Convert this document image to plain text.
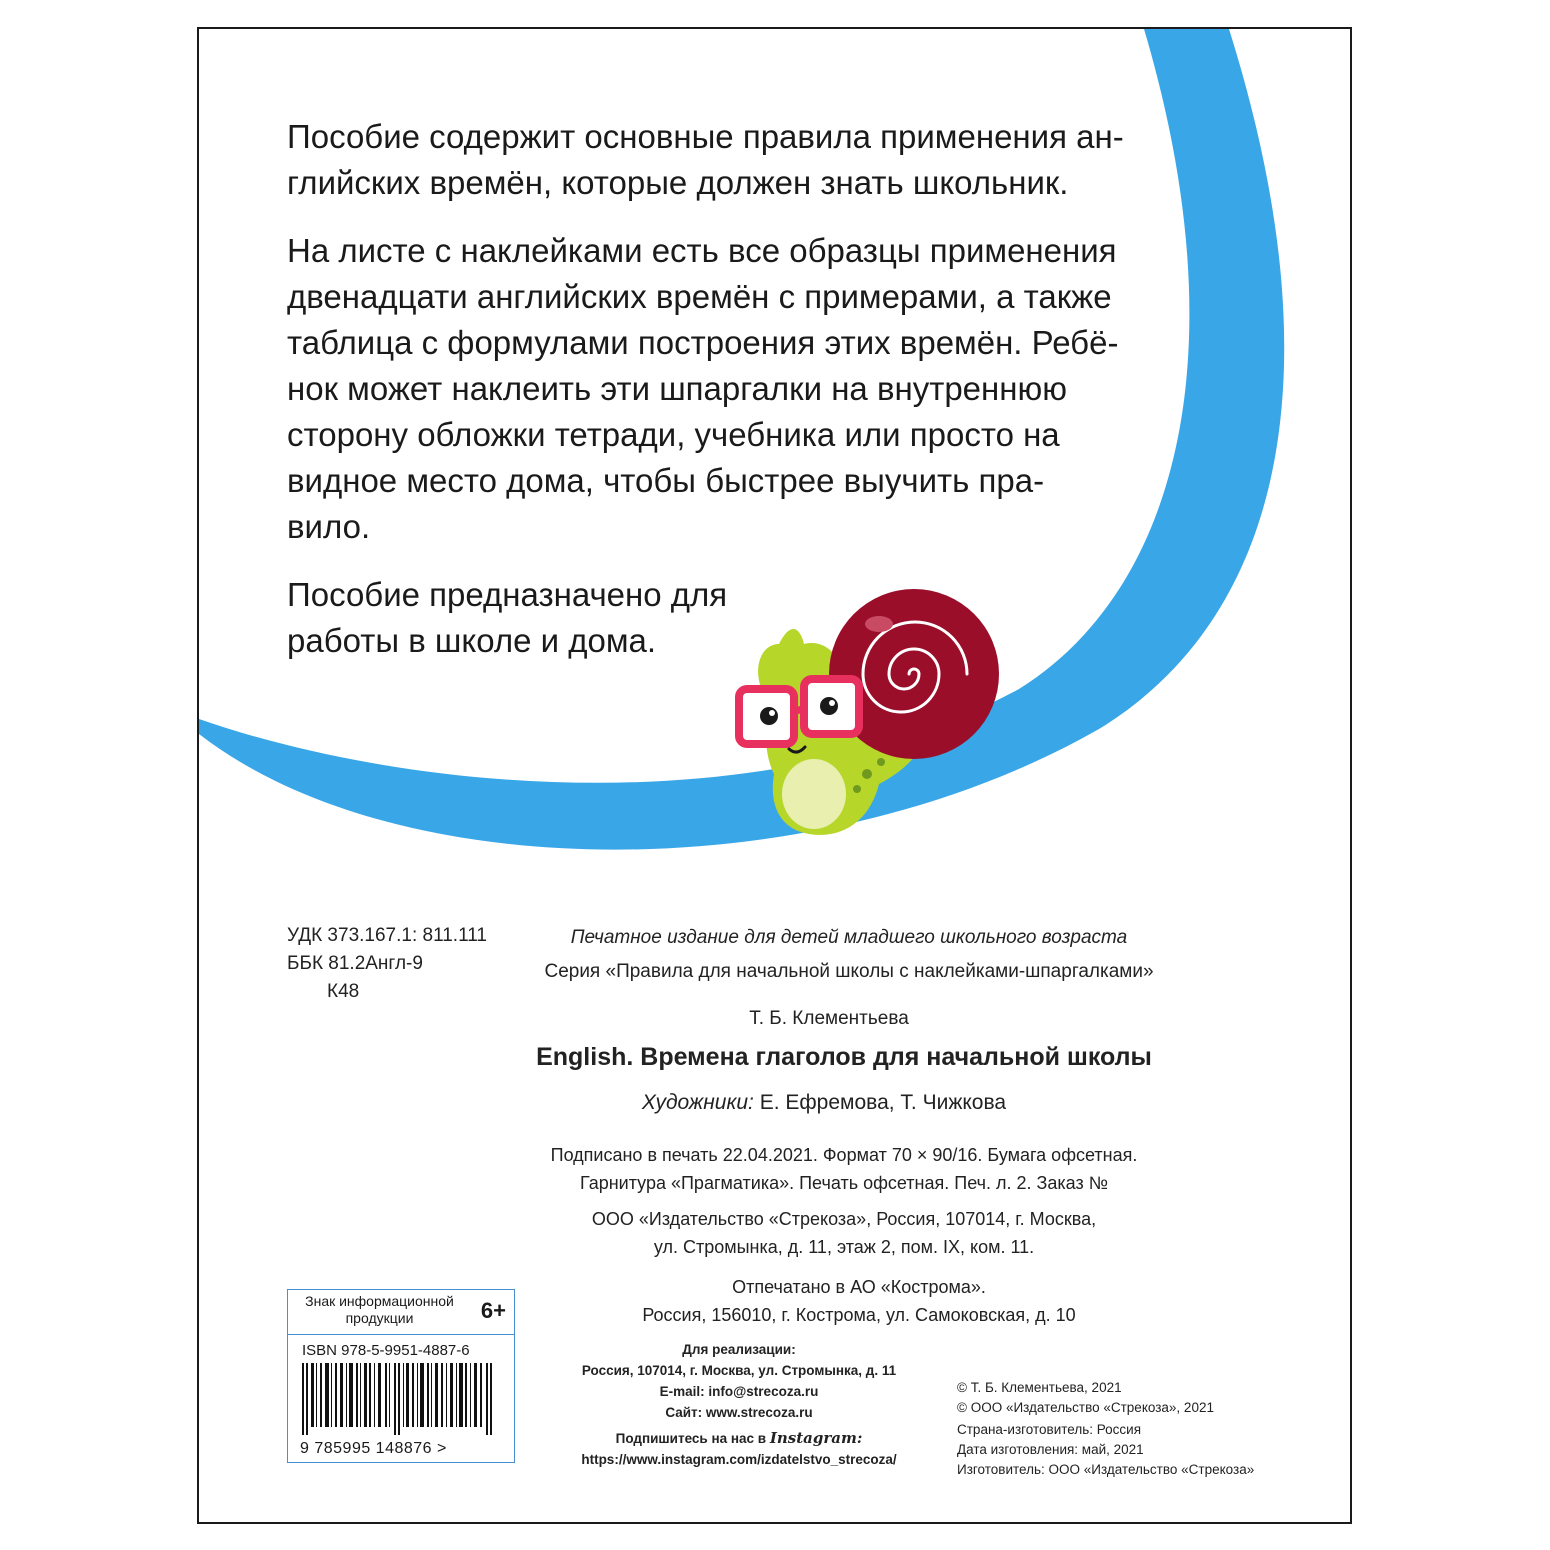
Пособие содержит основные правила применения ан-
глийских времён, которые должен знать школьник.

На листе с наклейками есть все образцы применения
двенадцати английских времён с примерами, а также
таблица с формулами построения этих времён. Ребё-
нок может наклеить эти шпаргалки на внутреннюю
сторону обложки тетради, учебника или просто на
видное место дома, чтобы быстрее выучить пра-
вило.

Пособие предназначено для
работы в школе и дома.

УДК 373.167.1: 811.111
ББК 81.2Англ-9
К48
Печатное издание для детей младшего школьного возраста
Серия «Правила для начальной школы с наклейками-шпаргалками»
Т. Б. Клементьева
English. Времена глаголов для начальной школы
Художники: Е. Ефремова, Т. Чижкова
Подписано в печать 22.04.2021. Формат 70 × 90/16. Бумага офсетная.
Гарнитура «Прагматика». Печать офсетная. Печ. л. 2. Заказ №
ООО «Издательство «Стрекоза», Россия, 107014, г. Москва,
ул. Стромынка, д. 11, этаж 2, пом. IX, ком. 11.
Отпечатано в АО «Кострома».
Россия, 156010, г. Кострома, ул. Самоковская, д. 10
Знак информационной продукции	6+
ISBN 978-5-9951-4887-6
9 785995 148876 >
Для реализации:
Россия, 107014, г. Москва, ул. Стромынка, д. 11
E-mail: info@strecoza.ru
Сайт: www.strecoza.ru
Подпишитесь на нас в Instagram:
https://www.instagram.com/izdatelstvo_strecoza/
© Т. Б. Клементьева, 2021
© ООО «Издательство «Стрекоза», 2021
Страна-изготовитель: Россия
Дата изготовления: май, 2021
Изготовитель: ООО «Издательство «Стрекоза»
